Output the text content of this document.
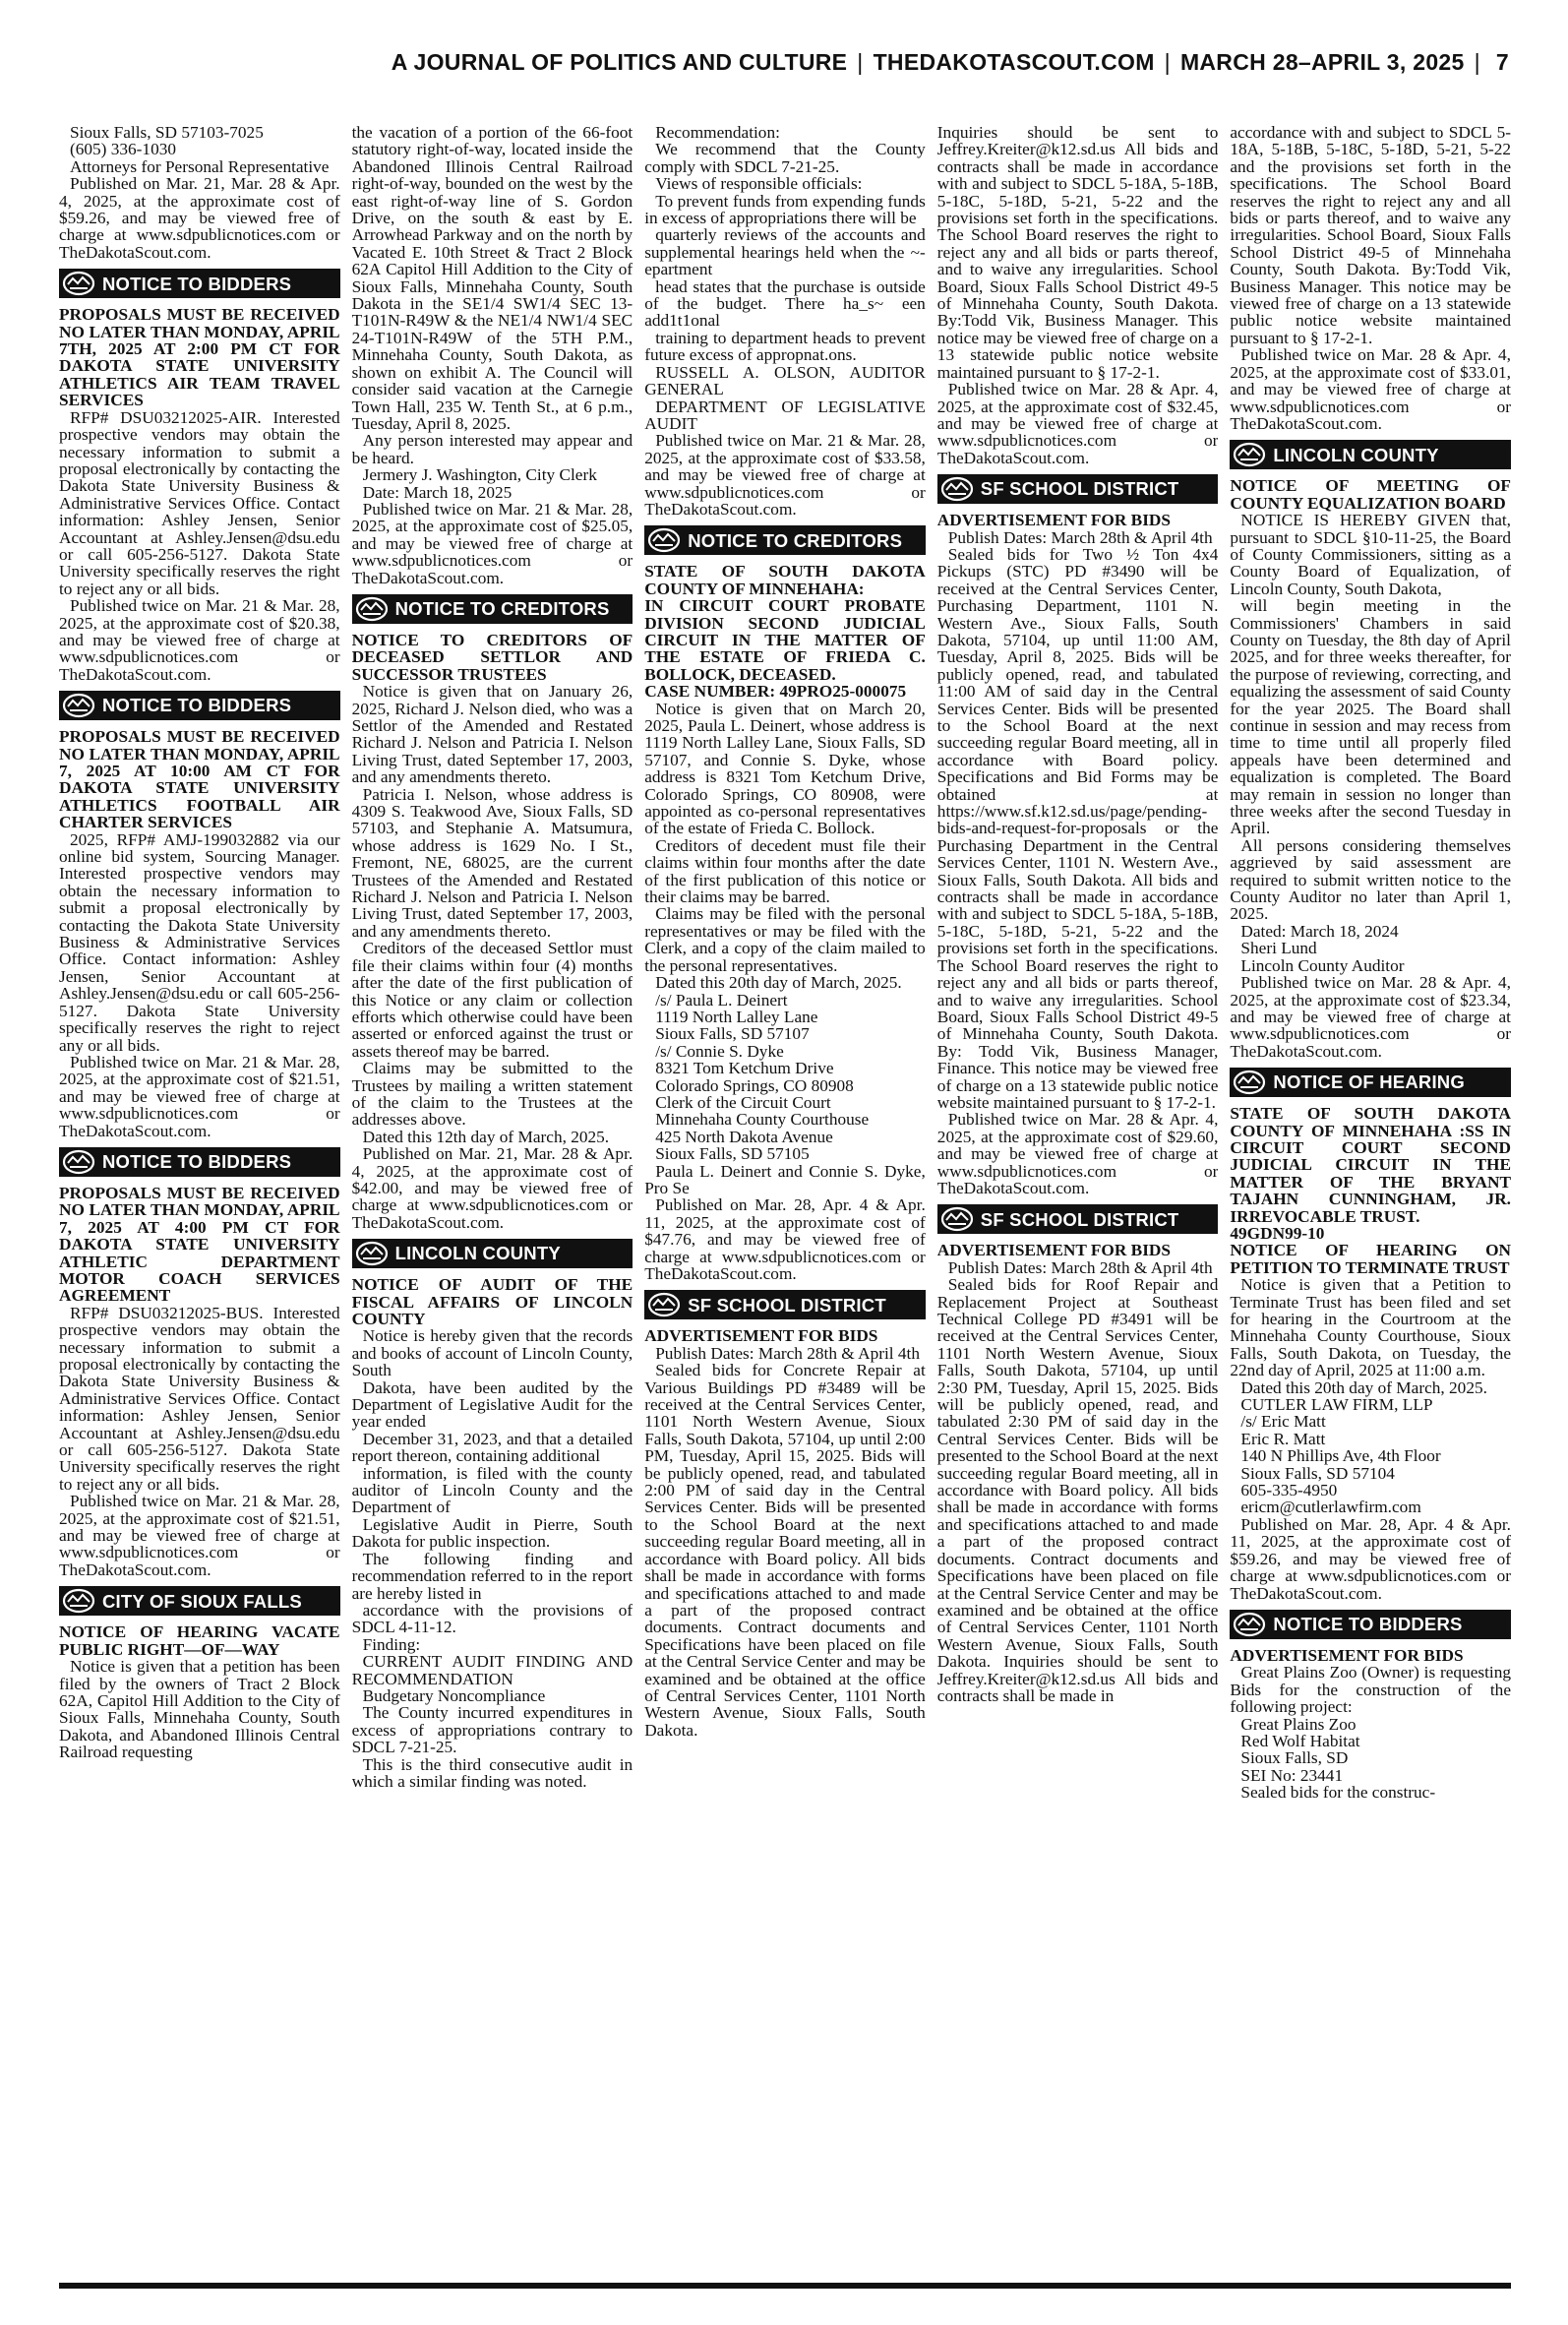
A JOURNAL OF POLITICS AND CULTURE | THEDAKOTASCOUT.COM | MARCH 28–APRIL 3, 2025 | 7

Sioux Falls, SD 57103-7025
(605) 336-1030
Attorneys for Personal Representative

Published on Mar. 21, Mar. 28 & Apr. 4, 2025, at the approximate cost of $59.26, and may be viewed free of charge at www.sdpublicnotices.com or TheDakotaScout.com.

NOTICE TO BIDDERS

PROPOSALS MUST BE RECEIVED NO LATER THAN MONDAY, APRIL 7TH, 2025 AT 2:00 PM CT FOR DAKOTA STATE UNIVERSITY ATHLETICS AIR TEAM TRAVEL SERVICES

RFP# DSU03212025-AIR. Interested prospective vendors may obtain the necessary information to submit a proposal electronically by contacting the Dakota State University Business & Administrative Services Office. Contact information: Ashley Jensen, Senior Accountant at Ashley.Jensen@dsu.edu or call 605-256-5127. Dakota State University specifically reserves the right to reject any or all bids.

Published twice on Mar. 21 & Mar. 28, 2025, at the approximate cost of $20.38, and may be viewed free of charge at www.sdpublicnotices.com or TheDakotaScout.com.

NOTICE TO BIDDERS

PROPOSALS MUST BE RECEIVED NO LATER THAN MONDAY, APRIL 7, 2025 AT 10:00 AM CT FOR DAKOTA STATE UNIVERSITY ATHLETICS FOOTBALL AIR CHARTER SERVICES

2025, RFP# AMJ-199032882 via our online bid system, Sourcing Manager. Interested prospective vendors may obtain the necessary information to submit a proposal electronically by contacting the Dakota State University Business & Administrative Services Office. Contact information: Ashley Jensen, Senior Accountant at Ashley.Jensen@dsu.edu or call 605-256-5127. Dakota State University specifically reserves the right to reject any or all bids.

Published twice on Mar. 21 & Mar. 28, 2025, at the approximate cost of $21.51, and may be viewed free of charge at www.sdpublicnotices.com or TheDakotaScout.com.

NOTICE TO BIDDERS

PROPOSALS MUST BE RECEIVED NO LATER THAN MONDAY, APRIL 7, 2025 AT 4:00 PM CT FOR DAKOTA STATE UNIVERSITY ATHLETIC DEPARTMENT MOTOR COACH SERVICES AGREEMENT

RFP# DSU03212025-BUS. Interested prospective vendors may obtain the necessary information to submit a proposal electronically by contacting the Dakota State University Business & Administrative Services Office. Contact information: Ashley Jensen, Senior Accountant at Ashley.Jensen@dsu.edu or call 605-256-5127. Dakota State University specifically reserves the right to reject any or all bids.

Published twice on Mar. 21 & Mar. 28, 2025, at the approximate cost of $21.51, and may be viewed free of charge at www.sdpublicnotices.com or TheDakotaScout.com.

CITY OF SIOUX FALLS

NOTICE OF HEARING VACATE PUBLIC RIGHT—OF—WAY

Notice is given that a petition has been filed by the owners of Tract 2 Block 62A, Capitol Hill Addition to the City of Sioux Falls, Minnehaha County, South Dakota, and Abandoned Illinois Central Railroad requesting

the vacation of a portion of the 66-foot statutory right-of-way, located inside the Abandoned Illinois Central Railroad right-of-way, bounded on the west by the east right-of-way line of S. Gordon Drive, on the south & east by E. Arrowhead Parkway and on the north by Vacated E. 10th Street & Tract 2 Block 62A Capitol Hill Addition to the City of Sioux Falls, Minnehaha County, South Dakota in the SE1/4 SW1/4 SEC 13-T101N-R49W & the NE1/4 NW1/4 SEC 24-T101N-R49W of the 5TH P.M., Minnehaha County, South Dakota, as shown on exhibit A. The Council will consider said vacation at the Carnegie Town Hall, 235 W. Tenth St., at 6 p.m., Tuesday, April 8, 2025.

Any person interested may appear and be heard.

Jermery J. Washington, City Clerk

Date: March 18, 2025

Published twice on Mar. 21 & Mar. 28, 2025, at the approximate cost of $25.05, and may be viewed free of charge at www.sdpublicnotices.com or TheDakotaScout.com.

NOTICE TO CREDITORS

NOTICE TO CREDITORS OF DECEASED SETTLOR AND SUCCESSOR TRUSTEES

Notice is given that on January 26, 2025, Richard J. Nelson died, who was a Settlor of the Amended and Restated Richard J. Nelson and Patricia I. Nelson Living Trust, dated September 17, 2003, and any amendments thereto.

Patricia I. Nelson, whose address is 4309 S. Teakwood Ave, Sioux Falls, SD 57103, and Stephanie A. Matsumura, whose address is 1629 No. I St., Fremont, NE, 68025, are the current Trustees of the Amended and Restated Richard J. Nelson and Patricia I. Nelson Living Trust, dated September 17, 2003, and any amendments thereto.

Creditors of the deceased Settlor must file their claims within four (4) months after the date of the first publication of this Notice or any claim or collection efforts which otherwise could have been asserted or enforced against the trust or assets thereof may be barred.

Claims may be submitted to the Trustees by mailing a written statement of the claim to the Trustees at the addresses above.

Dated this 12th day of March, 2025.

Published on Mar. 21, Mar. 28 & Apr. 4, 2025, at the approximate cost of $42.00, and may be viewed free of charge at www.sdpublicnotices.com or TheDakotaScout.com.

LINCOLN COUNTY

NOTICE OF AUDIT OF THE FISCAL AFFAIRS OF LINCOLN COUNTY

Notice is hereby given that the records and books of account of Lincoln County, South

Dakota, have been audited by the Department of Legislative Audit for the year ended

December 31, 2023, and that a detailed report thereon, containing additional

information, is filed with the county auditor of Lincoln County and the Department of

Legislative Audit in Pierre, South Dakota for public inspection.

The following finding and recommendation referred to in the report are hereby listed in

accordance with the provisions of SDCL 4-11-12.

Finding:

CURRENT AUDIT FINDING AND RECOMMENDATION

Budgetary Noncompliance

The County incurred expenditures in excess of appropriations contrary to SDCL 7-21-25.

This is the third consecutive audit in which a similar finding was noted.

Recommendation:

We recommend that the County comply with SDCL 7-21-25.

Views of responsible officials:

To prevent funds from expending funds in excess of appropriations there will be

quarterly reviews of the accounts and supplemental hearings held when the ~-epartment

head states that the purchase is outside of the budget. There ha_s~ een add1t1onal

training to department heads to prevent future excess of appropnat.ons.

RUSSELL A. OLSON, AUDITOR GENERAL

DEPARTMENT OF LEGISLATIVE AUDIT

Published twice on Mar. 21 & Mar. 28, 2025, at the approximate cost of $33.58, and may be viewed free of charge at www.sdpublicnotices.com or TheDakotaScout.com.

NOTICE TO CREDITORS

STATE OF SOUTH DAKOTA COUNTY OF MINNEHAHA:
IN CIRCUIT COURT PROBATE DIVISION SECOND JUDICIAL CIRCUIT IN THE MATTER OF THE ESTATE OF FRIEDA C. BOLLOCK, DECEASED.
CASE NUMBER: 49PRO25-000075

Notice is given that on March 20, 2025, Paula L. Deinert, whose address is 1119 North Lalley Lane, Sioux Falls, SD 57107, and Connie S. Dyke, whose address is 8321 Tom Ketchum Drive, Colorado Springs, CO 80908, were appointed as co-personal representatives of the estate of Frieda C. Bollock.

Creditors of decedent must file their claims within four months after the date of the first publication of this notice or their claims may be barred.

Claims may be filed with the personal representatives or may be filed with the Clerk, and a copy of the claim mailed to the personal representatives.

Dated this 20th day of March, 2025.

/s/ Paula L. Deinert
1119 North Lalley Lane
Sioux Falls, SD 57107
/s/ Connie S. Dyke
8321 Tom Ketchum Drive
Colorado Springs, CO 80908
Clerk of the Circuit Court

Minnehaha County Courthouse

425 North Dakota Avenue
Sioux Falls, SD 57105

Paula L. Deinert and Connie S. Dyke, Pro Se

Published on Mar. 28, Apr. 4 & Apr. 11, 2025, at the approximate cost of $47.76, and may be viewed free of charge at www.sdpublicnotices.com or TheDakotaScout.com.

SF SCHOOL DISTRICT

ADVERTISEMENT FOR BIDS

Publish Dates: March 28th & April 4th

Sealed bids for Concrete Repair at Various Buildings PD #3489 will be received at the Central Services Center, 1101 North Western Avenue, Sioux Falls, South Dakota, 57104, up until 2:00 PM, Tuesday, April 15, 2025. Bids will be publicly opened, read, and tabulated 2:00 PM of said day in the Central Services Center. Bids will be presented to the School Board at the next succeeding regular Board meeting, all in accordance with Board policy. All bids shall be made in accordance with forms and specifications attached to and made a part of the proposed contract documents. Contract documents and Specifications have been placed on file at the Central Service Center and may be examined and be obtained at the office of Central Services Center, 1101 North Western Avenue, Sioux Falls, South Dakota.

Inquiries should be sent to Jeffrey.Kreiter@k12.sd.us All bids and contracts shall be made in accordance with and subject to SDCL 5-18A, 5-18B, 5-18C, 5-18D, 5-21, 5-22 and the provisions set forth in the specifications. The School Board reserves the right to reject any and all bids or parts thereof, and to waive any irregularities. School Board, Sioux Falls School District 49-5 of Minnehaha County, South Dakota. By:Todd Vik, Business Manager. This notice may be viewed free of charge on a 13 statewide public notice website maintained pursuant to § 17-2-1.

Published twice on Mar. 28 & Apr. 4, 2025, at the approximate cost of $32.45, and may be viewed free of charge at www.sdpublicnotices.com or TheDakotaScout.com.

SF SCHOOL DISTRICT

ADVERTISEMENT FOR BIDS

Publish Dates: March 28th & April 4th

Sealed bids for Two ½ Ton 4x4 Pickups (STC) PD #3490 will be received at the Central Services Center, Purchasing Department, 1101 N. Western Ave., Sioux Falls, South Dakota, 57104, up until 11:00 AM, Tuesday, April 8, 2025. Bids will be publicly opened, read, and tabulated 11:00 AM of said day in the Central Services Center. Bids will be presented to the School Board at the next succeeding regular Board meeting, all in accordance with Board policy. Specifications and Bid Forms may be obtained at https://www.sf.k12.sd.us/page/pending-bids-and-request-for-proposals or the Purchasing Department in the Central Services Center, 1101 N. Western Ave., Sioux Falls, South Dakota. All bids and contracts shall be made in accordance with and subject to SDCL 5-18A, 5-18B, 5-18C, 5-18D, 5-21, 5-22 and the provisions set forth in the specifications. The School Board reserves the right to reject any and all bids or parts thereof, and to waive any irregularities. School Board, Sioux Falls School District 49-5 of Minnehaha County, South Dakota. By: Todd Vik, Business Manager, Finance. This notice may be viewed free of charge on a 13 statewide public notice website maintained pursuant to § 17-2-1.

Published twice on Mar. 28 & Apr. 4, 2025, at the approximate cost of $29.60, and may be viewed free of charge at www.sdpublicnotices.com or TheDakotaScout.com.

SF SCHOOL DISTRICT

ADVERTISEMENT FOR BIDS

Publish Dates: March 28th & April 4th

Sealed bids for Roof Repair and Replacement Project at Southeast Technical College PD #3491 will be received at the Central Services Center, 1101 North Western Avenue, Sioux Falls, South Dakota, 57104, up until 2:30 PM, Tuesday, April 15, 2025. Bids will be publicly opened, read, and tabulated 2:30 PM of said day in the Central Services Center. Bids will be presented to the School Board at the next succeeding regular Board meeting, all in accordance with Board policy. All bids shall be made in accordance with forms and specifications attached to and made a part of the proposed contract documents. Contract documents and Specifications have been placed on file at the Central Service Center and may be examined and be obtained at the office of Central Services Center, 1101 North Western Avenue, Sioux Falls, South Dakota. Inquiries should be sent to Jeffrey.Kreiter@k12.sd.us All bids and contracts shall be made in

accordance with and subject to SDCL 5-18A, 5-18B, 5-18C, 5-18D, 5-21, 5-22 and the provisions set forth in the specifications. The School Board reserves the right to reject any and all bids or parts thereof, and to waive any irregularities. School Board, Sioux Falls School District 49-5 of Minnehaha County, South Dakota. By:Todd Vik, Business Manager. This notice may be viewed free of charge on a 13 statewide public notice website maintained pursuant to § 17-2-1.

Published twice on Mar. 28 & Apr. 4, 2025, at the approximate cost of $33.01, and may be viewed free of charge at www.sdpublicnotices.com or TheDakotaScout.com.

LINCOLN COUNTY

NOTICE OF MEETING OF COUNTY EQUALIZATION BOARD

NOTICE IS HEREBY GIVEN that, pursuant to SDCL §10-11-25, the Board of County Commissioners, sitting as a County Board of Equalization, of Lincoln County, South Dakota,

will begin meeting in the Commissioners' Chambers in said County on Tuesday, the 8th day of April 2025, and for three weeks thereafter, for the purpose of reviewing, correcting, and equalizing the assessment of said County for the year 2025. The Board shall continue in session and may recess from time to time until all properly filed appeals have been determined and equalization is completed. The Board may remain in session no longer than three weeks after the second Tuesday in April.

All persons considering themselves aggrieved by said assessment are required to submit written notice to the County Auditor no later than April 1, 2025.

Dated: March 18, 2024
Sheri Lund
Lincoln County Auditor

Published twice on Mar. 28 & Apr. 4, 2025, at the approximate cost of $23.34, and may be viewed free of charge at www.sdpublicnotices.com or TheDakotaScout.com.

NOTICE OF HEARING

STATE OF SOUTH DAKOTA COUNTY OF MINNEHAHA :SS IN CIRCUIT COURT SECOND JUDICIAL CIRCUIT IN THE MATTER OF THE BRYANT TAJAHN CUNNINGHAM, JR. IRREVOCABLE TRUST.
49GDN99-10
NOTICE OF HEARING ON PETITION TO TERMINATE TRUST

Notice is given that a Petition to Terminate Trust has been filed and set for hearing in the Courtroom at the Minnehaha County Courthouse, Sioux Falls, South Dakota, on Tuesday, the 22nd day of April, 2025 at 11:00 a.m.

Dated this 20th day of March, 2025.

CUTLER LAW FIRM, LLP
/s/ Eric Matt
Eric R. Matt
140 N Phillips Ave, 4th Floor
Sioux Falls, SD 57104
605-335-4950
ericm@cutlerlawfirm.com

Published on Mar. 28, Apr. 4 & Apr. 11, 2025, at the approximate cost of $59.26, and may be viewed free of charge at www.sdpublicnotices.com or TheDakotaScout.com.

NOTICE TO BIDDERS

ADVERTISEMENT FOR BIDS

Great Plains Zoo (Owner) is requesting Bids for the construction of the following project:

Great Plains Zoo
Red Wolf Habitat
Sioux Falls, SD
SEI No: 23441

Sealed bids for the construc-
